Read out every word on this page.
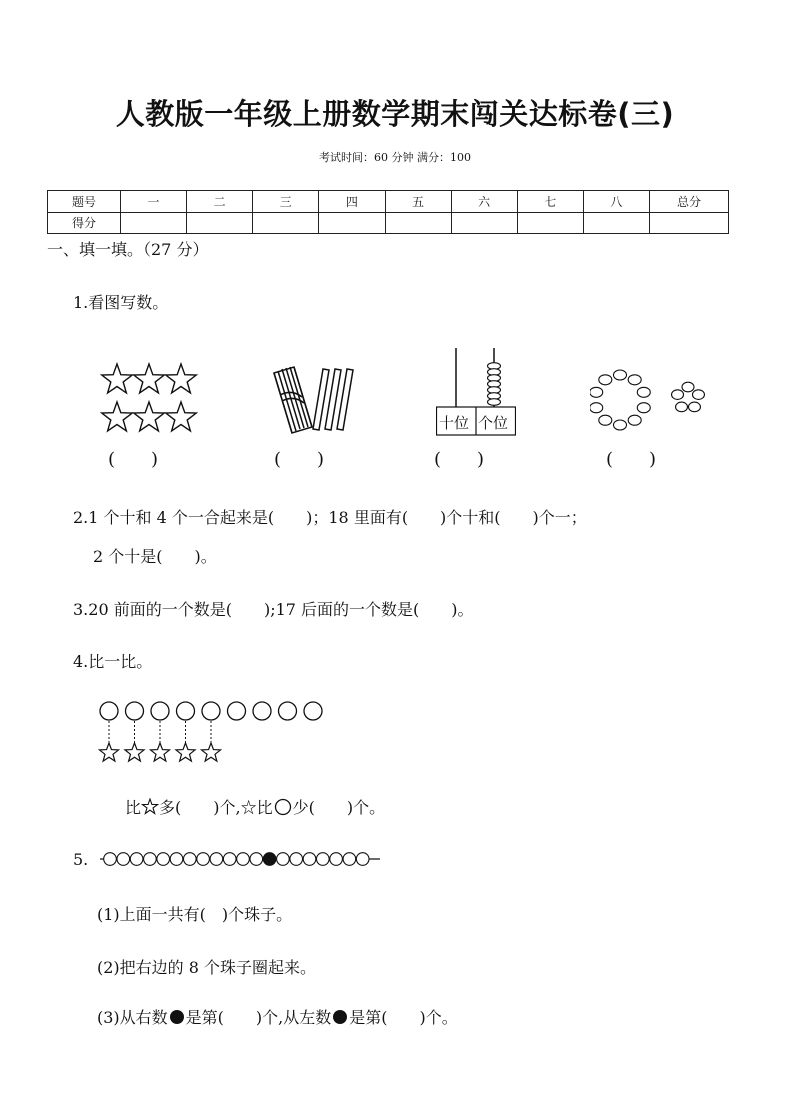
人教版一年级上册数学期末闯关达标卷(三)
考试时间：60 分钟 满分：100
题号	一	二	三	四	五	六	七	八	总分
得分									
一、填一填。（27 分）
1.看图写数。
十位 个位
(　　)	(　　)	(　　)	(　　)
2.1 个十和 4 个一合起来是(　　)；18 里面有(　　)个十和(　　)个一；
2 个十是(　　)。
3.20 前面的一个数是(　　);17 后面的一个数是(　　)。
4.比一比。
比 多(　　)个, ☆比 少(　　)个。
5.
(1)上面一共有(　)个珠子。
(2)把右边的 8 个珠子圈起来。
(3)从右数 是第(　　)个,从左数 是第(　　)个。
